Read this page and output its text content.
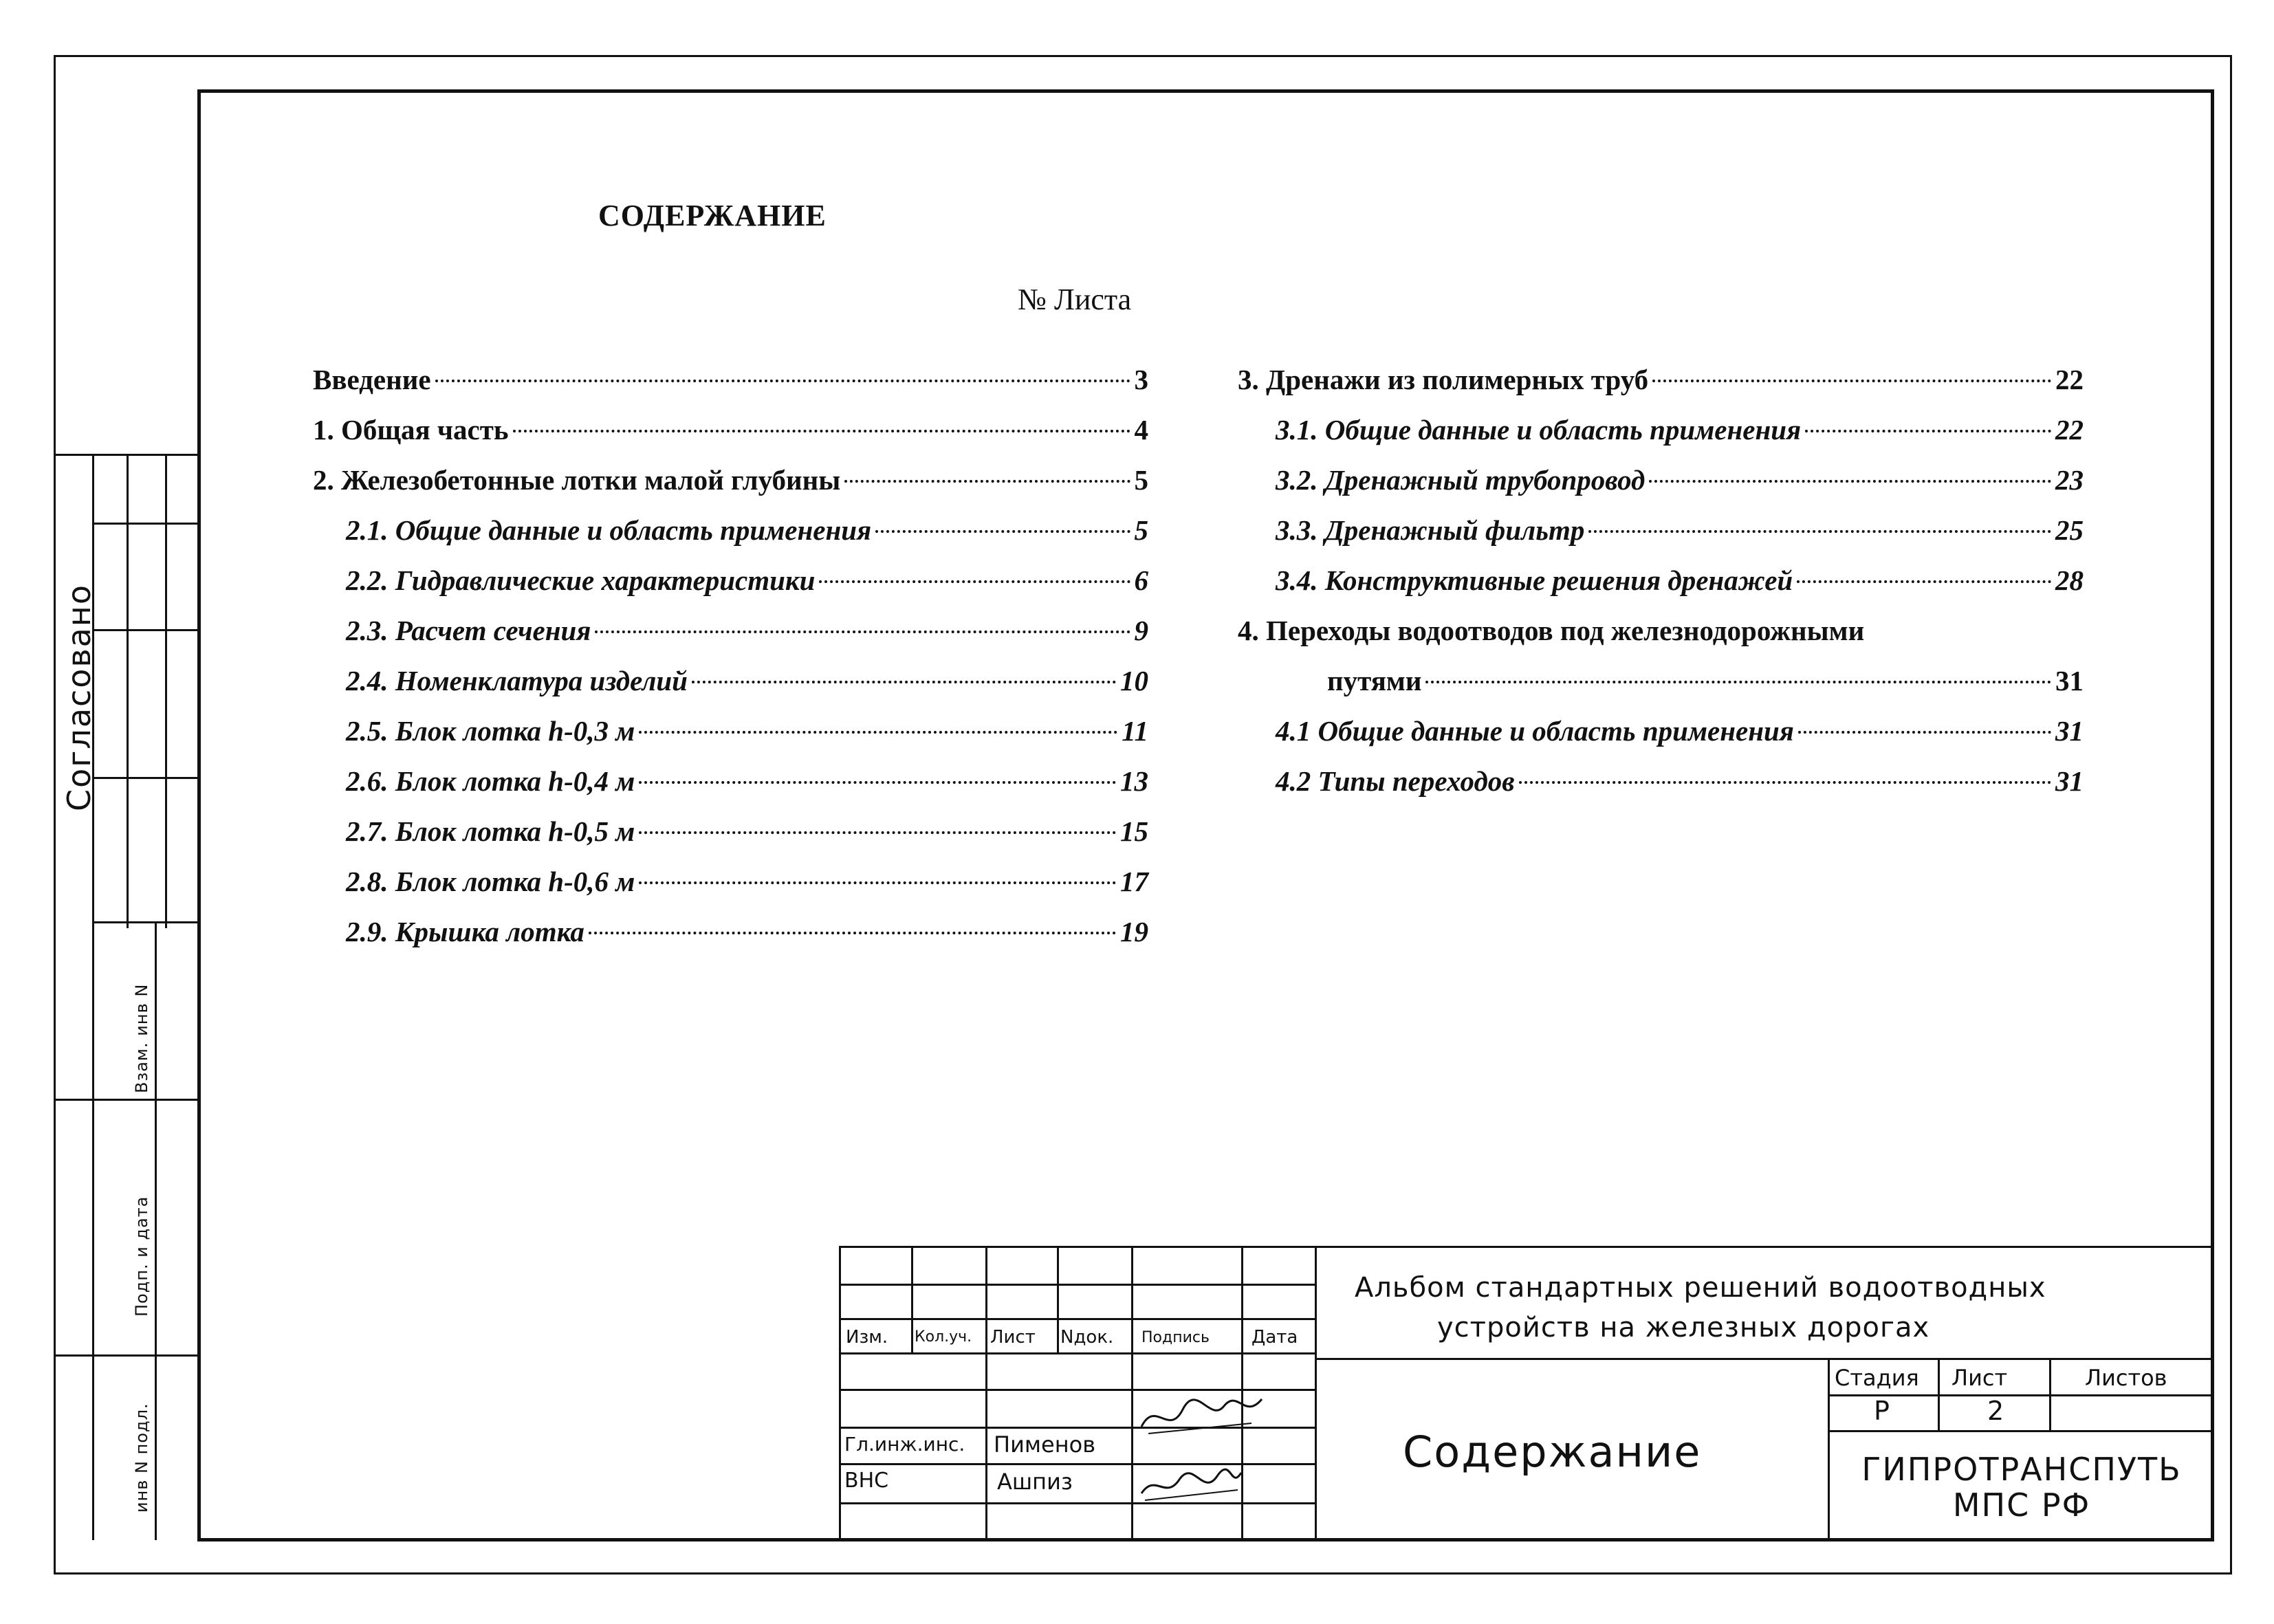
Согласовано
Взам. инв N
Подп. и дата
инв N подл.
СОДЕРЖАНИЕ
№ Листа
Введение	3
1. Общая часть	4
2. Железобетонные лотки малой глубины	5
2.1. Общие данные и область применения	5
2.2. Гидравлические характеристики	6
2.3. Расчет сечения	9
2.4. Номенклатура изделий	10
2.5. Блок лотка h-0,3 м	11
2.6. Блок лотка h-0,4 м	13
2.7. Блок лотка h-0,5 м	15
2.8. Блок лотка h-0,6 м	17
2.9. Крышка лотка	19
3. Дренажи из полимерных труб	22
3.1. Общие данные и область применения	22
3.2. Дренажный трубопровод	23
3.3. Дренажный фильтр	25
3.4. Конструктивные решения дренажей	28
4. Переходы водоотводов под железнодорожными
путями	31
4.1 Общие данные и область применения	31
4.2 Типы переходов	31
Изм. Кол.уч. Лист Nдок. Подпись Дата
Гл.инж.инс. Пименов
ВНС	Ашпиз
Альбом стандартных решений водоотводных
устройств на железных дорогах
Содержание
Стадия Лист	Листов
Р	2
ГИПРОТРАНСПУТЬ
МПС РФ
